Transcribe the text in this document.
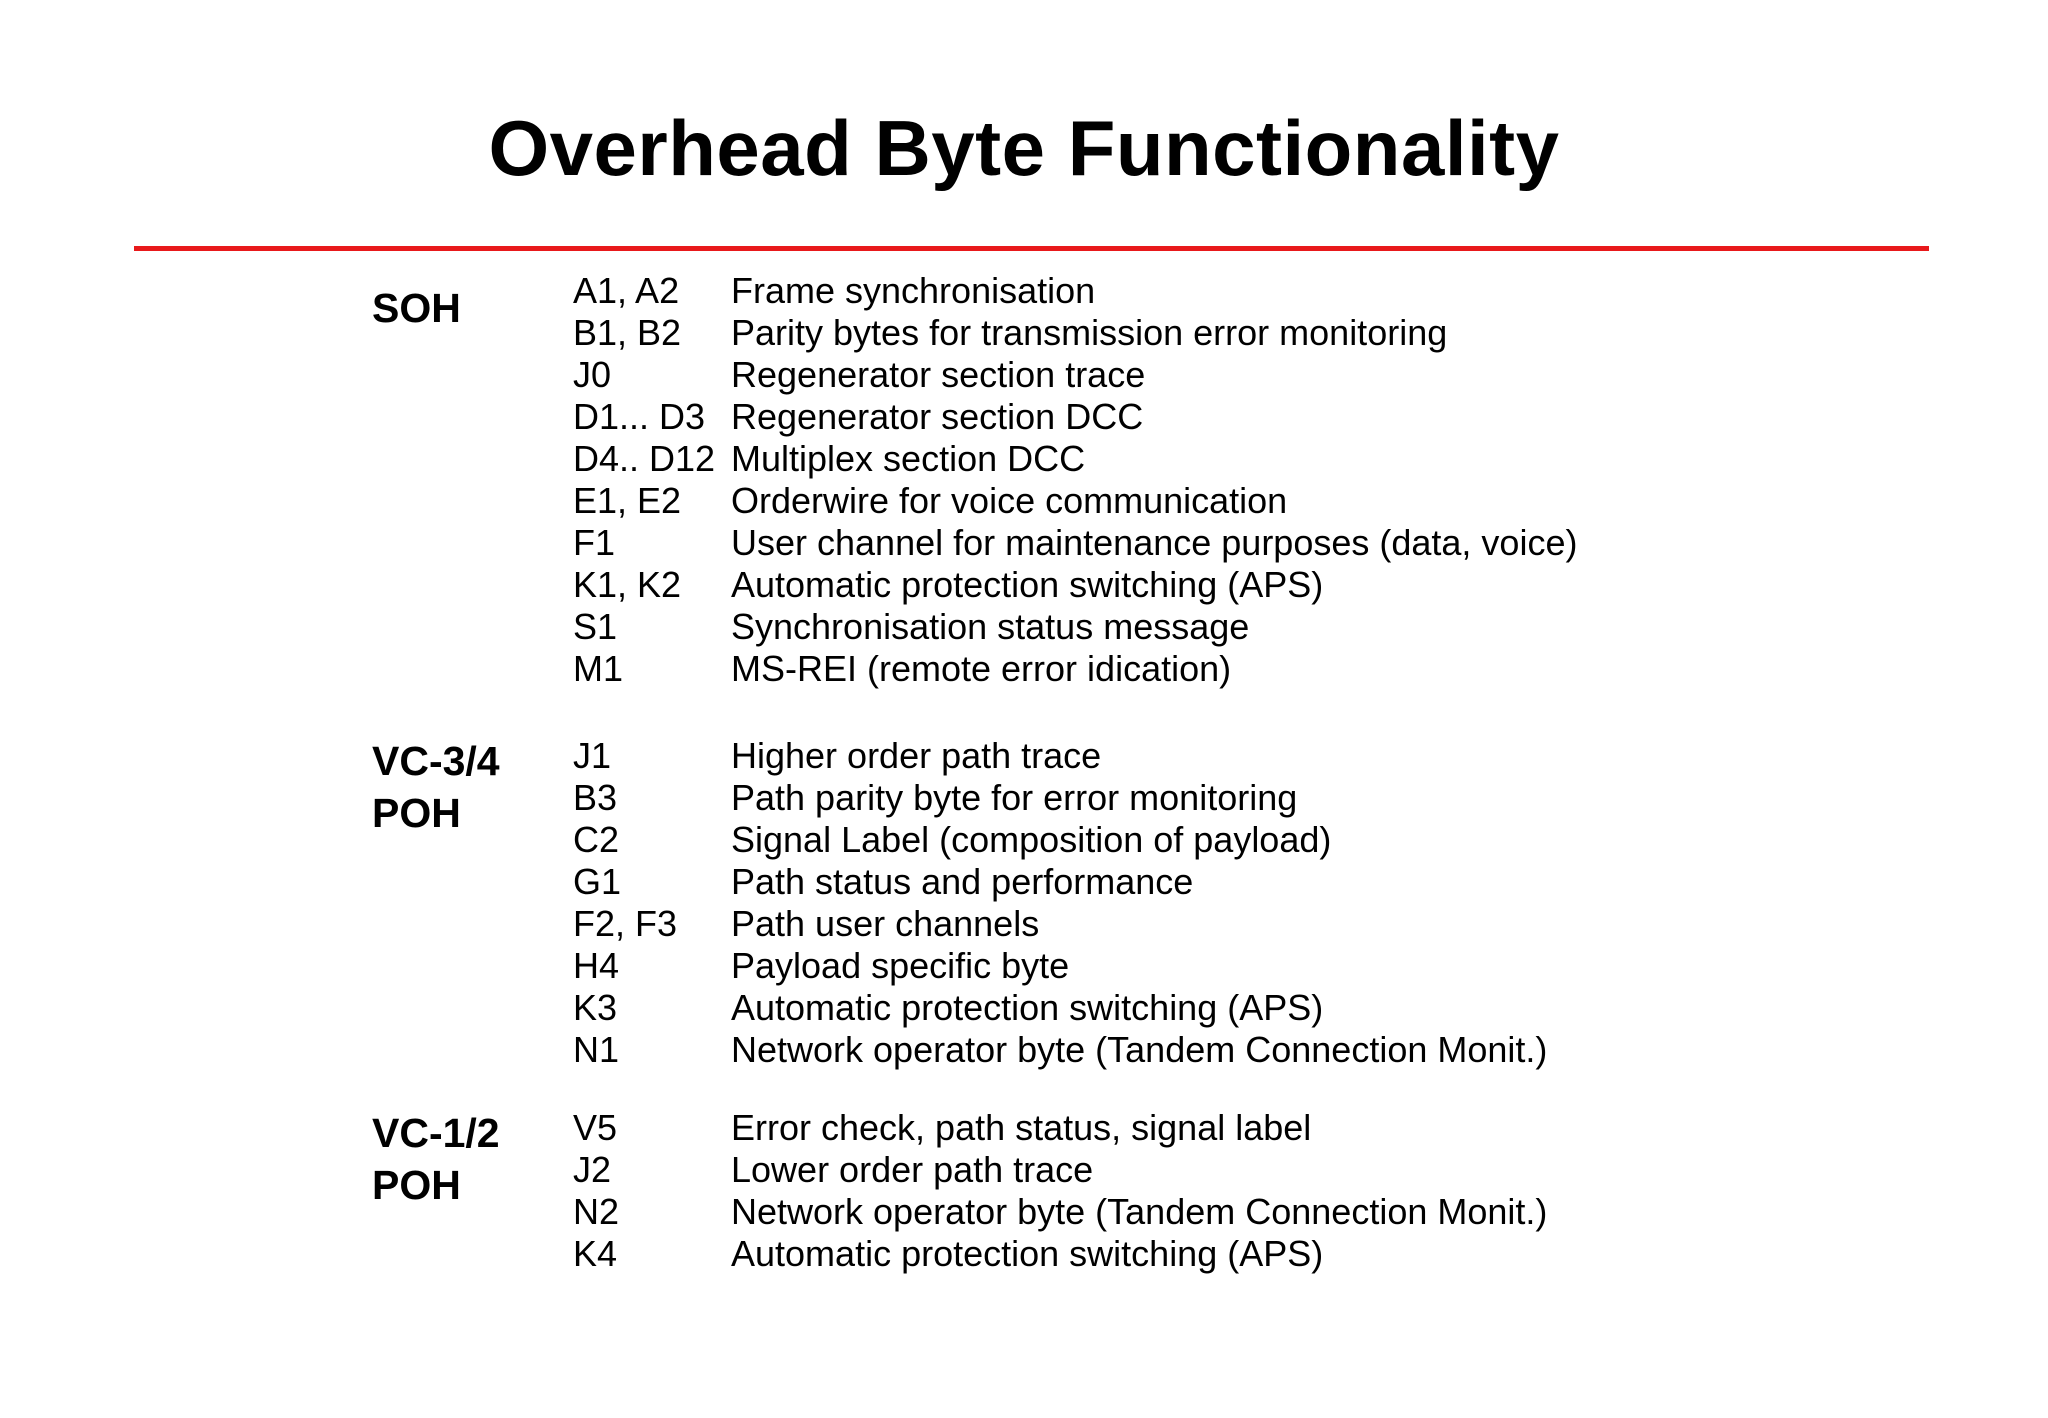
Overhead Byte Functionality
SOH	A1, A2 Frame synchronisation
B1, B2 Parity bytes for transmission error monitoring
J0	Regenerator section trace
D1... D3 Regenerator section DCC
D4.. D12 Multiplex section DCC
E1, E2 Orderwire for voice communication
F1	User channel for maintenance purposes (data, voice)
K1, K2 Automatic protection switching (APS)
S1	Synchronisation status message
M1	MS-REI (remote error idication)
VC-3/4
POH
J1	Higher order path trace
B3	Path parity byte for error monitoring
C2	Signal Label (composition of payload)
G1	Path status and performance
F2, F3 Path user channels
H4	Payload specific byte
K3	Automatic protection switching (APS)
N1	Network operator byte (Tandem Connection Monit.)
VC-1/2
POH
V5	Error check, path status, signal label
J2	Lower order path trace
N2	Network operator byte (Tandem Connection Monit.)
K4	Automatic protection switching (APS)
